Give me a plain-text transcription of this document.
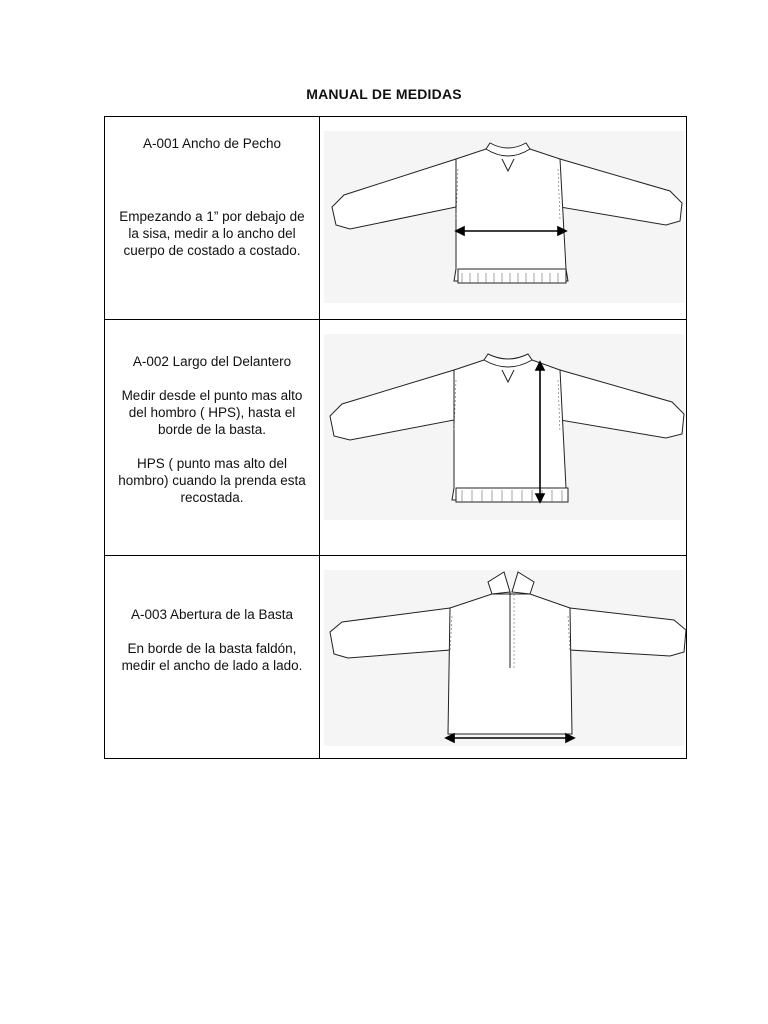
MANUAL DE MEDIDAS

A-001 Ancho de Pecho

Empezando a 1” por debajo de la sisa, medir a lo ancho del cuerpo de costado a costado.

A-002 Largo del Delantero

Medir desde el punto mas alto del hombro ( HPS), hasta el borde de la basta.

HPS ( punto mas alto del hombro) cuando la prenda esta recostada.

A-003 Abertura de la Basta

En borde de la basta faldón, medir el ancho de lado a lado.
